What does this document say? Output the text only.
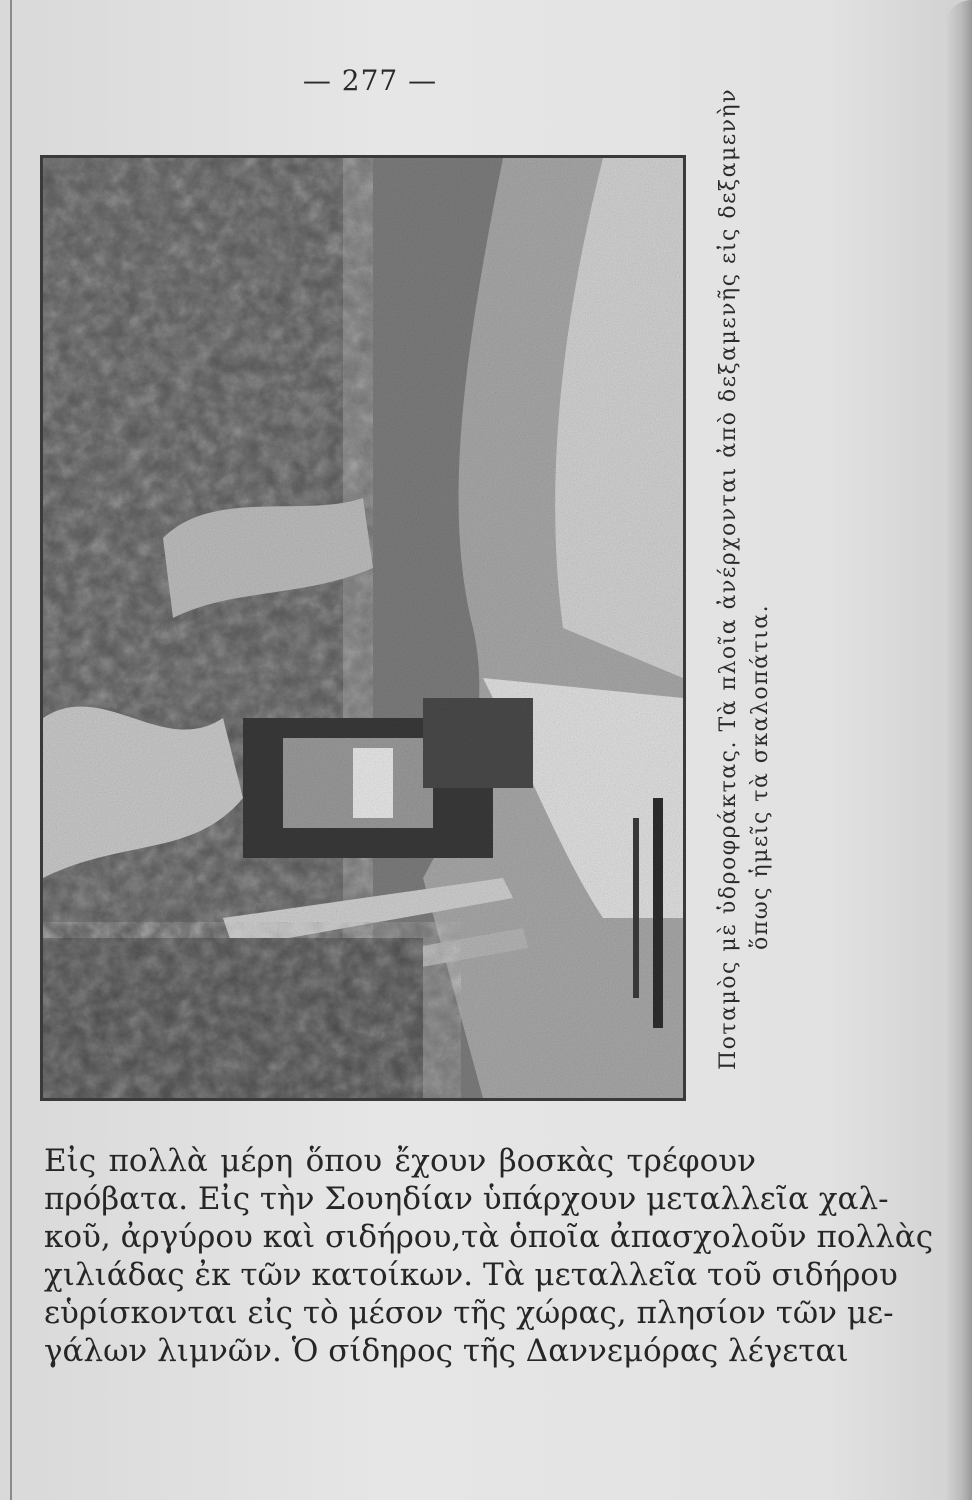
— 277 —
Ποταμὸς μὲ ὑδροφράκτας. Τὰ πλοῖα ἀνέρχονται ἀπὸ δεξαμενῆς εἰς δεξαμενὴν ὅπως ἡμεῖς τὰ σκαλοπάτια.
Εἰς πολλὰ μέρη ὅπου ἔχουν βοσκὰς τρέφουν
πρόβατα. Εἰς τὴν Σουηδίαν ὑπάρχουν μεταλλεῖα χαλ-
κοῦ, ἀργύρου καὶ σιδήρου,τὰ ὁποῖα ἀπασχολοῦν πολλὰς
χιλιάδας ἐκ τῶν κατοίκων. Τὰ μεταλλεῖα τοῦ σιδήρου
εὑρίσκονται εἰς τὸ μέσον τῆς χώρας, πλησίον τῶν με-
γάλων λιμνῶν. Ὁ σίδηρος τῆς Δαννεμόρας λέγεται
